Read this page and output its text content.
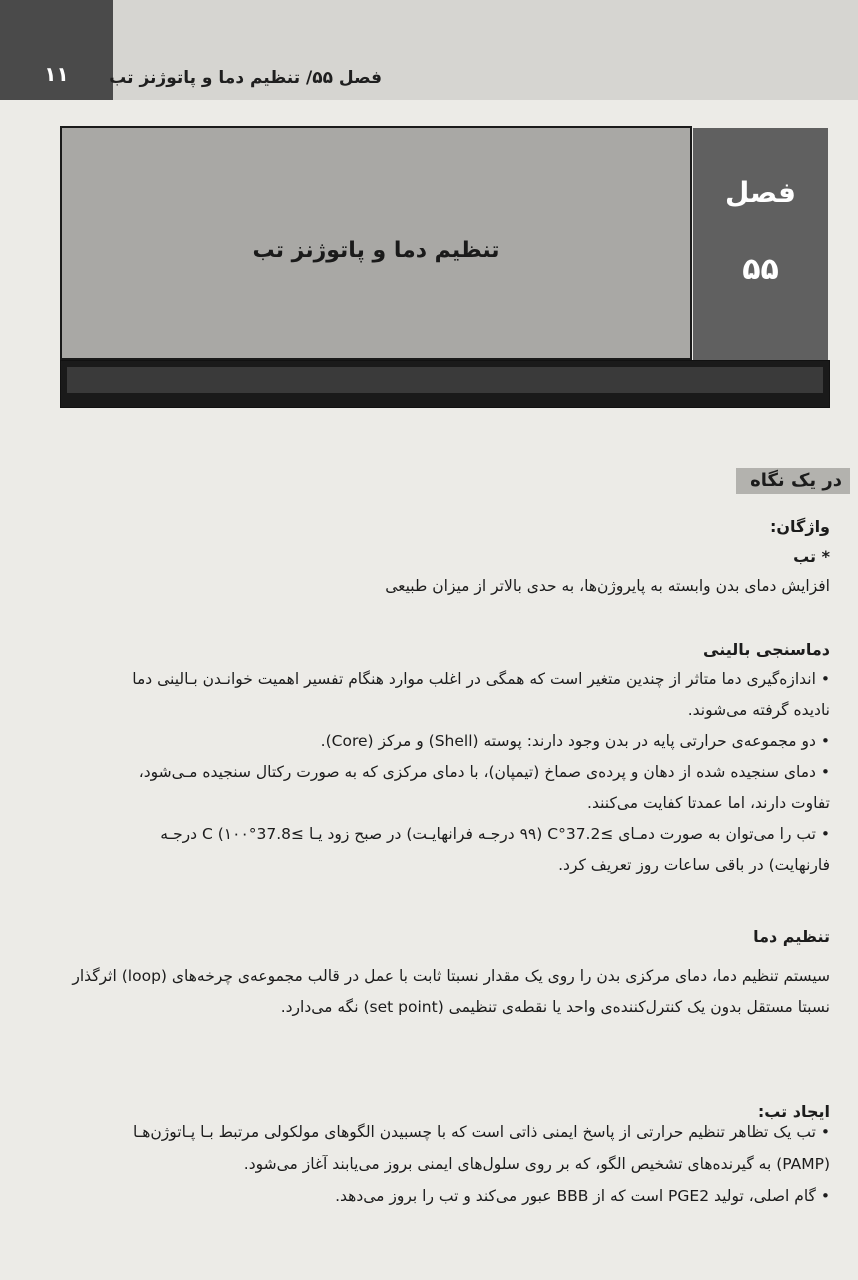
۱۱	فصل ۵۵/ تنظیم دما و پاتوژنز تب
تنظیم دما و پاتوژنز تب
فصل
۵۵
در یک نگاه
واژگان:
* تب
افزایش دمای بدن وابسته به پایروژن‌ها، به حدی بالاتر از میزان طبیعی
دماسنجی بالینی
• اندازه‌گیری دما متاثر از چندین متغیر است که همگی در اغلب موارد هنگام تفسیر اهمیت خوانـدن بـالینی دما
نادیده گرفته می‌شوند.
• دو مجموعه‌ی حرارتی پایه در بدن وجود دارند: پوسته (Shell) و مرکز (Core).
• دمای سنجیده شده از دهان و پرده‌ی صماخ (تیمپان)، با دمای مرکزی که به صورت رکتال سنجیده مـی‌شود،
تفاوت دارند، اما عمدتا کفایت می‌کنند.
• تب را می‌توان به صورت دمـای ≥37.2°C (۹۹ درجـه فرانهایـت) در صبح زود یـا ≥37.8°C (۱۰۰ درجـه
فارنهایت) در باقی ساعات روز تعریف کرد.
تنظیم دما
سیستم تنظیم دما، دمای مرکزی بدن را روی یک مقدار نسبتا ثابت با عمل در قالب مجموعه‌ی چرخه‌های (loop) اثرگذار
نسبتا مستقل بدون یک کنترل‌کننده‌ی واحد یا نقطه‌ی تنظیمی (set point) نگه می‌دارد.
ایجاد تب:
• تب یک تظاهر تنظیم حرارتی از پاسخ ایمنی ذاتی است که با چسبیدن الگوهای مولکولی مرتبط بـا پـاتوژن‌هـا
(PAMP) به گیرنده‌های تشخیص الگو، که بر روی سلول‌های ایمنی بروز می‌یابند آغاز می‌شود.
• گام اصلی، تولید PGE2 است که از BBB عبور می‌کند و تب را بروز می‌دهد.
